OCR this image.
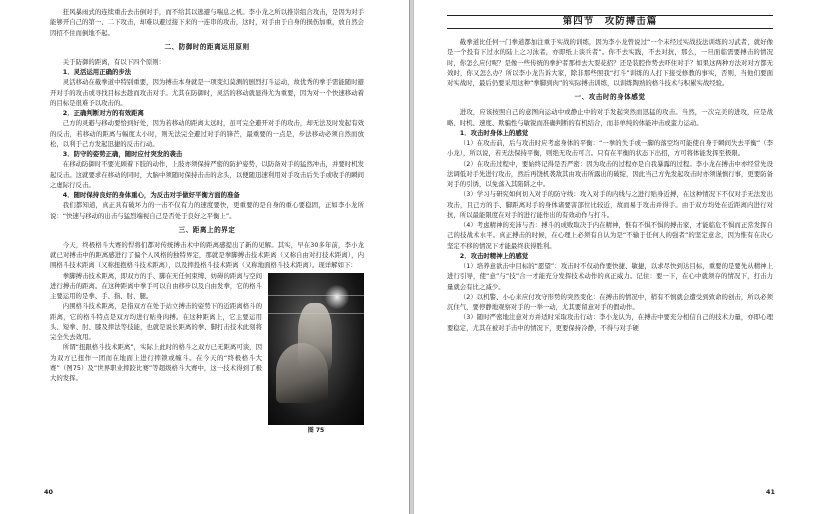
狂风暴雨式的连续重击去击倒对手，而不给其以逃避与喘息之机。李小龙之所以推崇组合攻击，是因为对手能够开自己的第一、二下攻击，却难以避过接下来的一连串的攻击，这时，对手由于自身的损伤加重，放自然会因招不住而倒地不起。

二、防御时的距离运用原则

关于防御的距离，有以下四个原则：

1．灵活运用正确的步法

灵活移动在截拳道中特别重要，因为搏击本身就是一项变幻莫测的剧烈打斗运动，故优秀的拳手需能随时避开对手的攻击或寻找目标去趁而攻击对手。尤其在防御时，灵活的移动就显得尤为重要，因为对一个快速移动着的目标是很难予以攻击的。

2．正确判断对方的有效距离

己方的灵避与移动要恰到好处，因为若移动的距离太远时，虽可完全避开对手的攻击，却无法及时发起有效的反击，若移动的距离与幅度太小时，则无法完全避过对手的锋芒，最重要的一点是，步法移动必须自然而放松，以利于己方发起迅捷的反击行动。

3．防守的姿势正确，随时应付突发的袭击

在移动防御时不要光顾着下肢的动作，上肢亦须保持严密的防护姿势，以防备对手的猛然冲击，并要时机发起反击。这就要求在移动的同时，大脑中须随时保持击击的念头，以便随迅速利用对手攻击后失手或收手的瞬间之虚际行反击。

4．随时保持良好的身体重心，为反击对手做好平衡方面的准备

我们都知道，真正具有破坏力的一击不仅有力的速度要快，更重要的是自身的重心要稳固，正如李小龙所说：“快速与移动的出击与猛烈端视自己是否处于良好之平衡上”。

三、距离上的界定

今天，终极格斗大赛的悍将们都对传统搏击术中的距离感提出了新的见解。其实，早在30多年前，李小龙就已对搏击中的距离感进行了偏个人风格的独特界定，那就是拳脚搏击技术距离（又称自由对打技术距离），内围格斗技术距离（又称扭抱格斗技术距离），以及摔投格斗技术距离（又称地面格斗技术距离）。现详解如下：

图 75

拳脚搏击技术距离，即双方的手、脚在无任何束缚、妨碍的距离与空间进行搏击的距离。在这种距离中拳手可以自由移步以及自由发拳，它的格斗主要运用的是拳、手、指、肘、腿。

内围格斗技术距离，是指双方在处于站立搏击的姿势下的近距离格斗的距离，它的格斗特点是双方均进行贴身肉搏。在这种距离上，它主要运用头、短拳、肘、膝及摔法等技能，也就是说长距离的拳、脚打击技术此刻将完全失去效用。

所谓“扭跟格斗技术距离”，实际上此时的格斗之双方已无距离可谈，因为双方已扭作一团而在地面上进行摔锁或缠斗。在今天的“终极格斗大赛”（图75）及“世界职业摔跤比赛”等超级格斗大赛中，这一技术得到了极大的发挥。

40
第四节　攻防搏击篇

截拳道比任何一门拳道都加注重于实战的训练，因为李小龙曾说过“一个未经过实战技法训练的习武者，就好像是一个投有下过水的陆上之习泳者，亦即纸上谈兵者”。你不去实践，不去对抗，那么，一旦面临需要搏击的情况时，你怎么应付呢？是像一些传统的拳护者那样去大耍花招？还是装腔作势去吓住对手？如果这两种方法对对方都无效时，你又怎么办？所以李小龙告诉大家，除非那些照我“打斗”训练的人打下接受修教的事实，否则，当他们要面对实战时，最后仍要采用这种“拳脚到肉”的实际搏击训练，以训练陶熟的格斗技术与积累实战经验。

一、攻击时的身体感觉

进攻，应该按照自己的意图向运动中或静止中的对手发起突然而迅猛的攻击。当然，一次完美的进攻，应是战略、时机、速度、欺骗性与敏锐而准确判断的有机结合，而非单纯的体能冲击或蛮力运动。

1．攻击时身体上的感觉

（1）在攻击前，后与攻击时应考虑身体的平衡：“一拳的失手或一脚的落空均可能使自身于瞬间失去平衡”（李小龙），所以说，若无法保持平衡，则绝无攻击可言。只有在平衡的状态下出招，方可将体能发挥至极限。

（2）在攻击过程中，要始终记得是否严密：因为攻击的过程亦是自我暴露的过程。李小龙在搏击中亦经常先设法调低对手先进行攻击，然后再饶机袭敌其由攻击所露出的破绽，因此当己方先发起攻击时亦须谨慎行事，更要防备对手的引诱，以免落入其陷阱之中。

（3）学习与研究如何切入对手的防守线：攻入对手的内线与之进行贴身近搏，在这种情况下不仅对手无法发出攻击，且己方的手、脚距离对手的身体诸要害部位比较近，故而易于攻击并得手。由于双方均处在近距离内进行对抗，所以最能限度在对手的进行能作出的有效动作与打斗。

（4）考虑精神的充沛与否：搏斗的成败取决于内在精神，惟有不惧不惧的搏击家，才能临危不惧而正常发挥自己的技战术水平。真正搏击的时候，在心理上必须有自认为是“不输于任何人的强者”的坚定意念，因为惟有在决心坚定不移的情况下才能最终获得胜利。

2．攻击时精神上的感觉

（1）培养意欲击中目标的“愿望”：攻击时不仅动作要快捷、敏捷，以求尽快到达目标，重要的是要先从精神上进行引导，使“意”与“技”合一才能充分发挥技术动作的真正威力。记住：要一下，在心中就须存的情况下，打击力量就会有比之减少。

（2）以机警、小心来应付攻守形势的突然变化：在搏击的情况中，稍有不慎就会遭受到致命的创击，所以必须沉住气，要停静地观察对手的一举一动，尤其要留意对手的假动作。

（3）随时严密地注意对方并适时采取攻击行动：李小龙认为，在搏击中要充分相信自己的技术力量，亦即心理要稳定，尤其在被对手击中的情况下，更要保持冷静，不得与对手硬

41
